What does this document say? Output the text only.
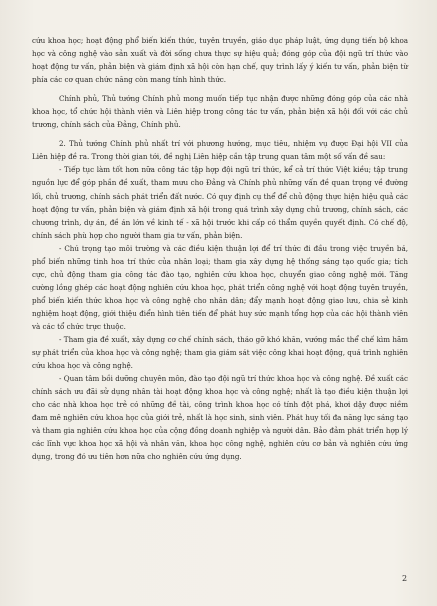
cứu khoa học; hoạt động phổ biến kiến thức, tuyên truyền, giáo dục pháp luật, ứng dụng tiến bộ khoa học và công nghệ vào sản xuất và đời sống chưa thực sự hiệu quả; đóng góp của đội ngũ trí thức vào hoạt động tư vấn, phản biện và giám định xã hội còn hạn chế, quy trình lấy ý kiến tư vấn, phản biện từ phía các cơ quan chức năng còn mang tính hình thức.

Chính phủ, Thủ tướng Chính phủ mong muốn tiếp tục nhận được những đóng góp của các nhà khoa học, tổ chức hội thành viên và Liên hiệp trong công tác tư vấn, phản biện xã hội đối với các chủ trương, chính sách của Đảng, Chính phủ.

2. Thủ tướng Chính phủ nhất trí với phương hướng, mục tiêu, nhiệm vụ được Đại hội VII của Liên hiệp đề ra. Trong thời gian tới, đề nghị Liên hiệp cần tập trung quan tâm một số vấn đề sau:

- Tiếp tục làm tốt hơn nữa công tác tập hợp đội ngũ trí thức, kể cả trí thức Việt kiều; tập trung nguồn lực để góp phần đề xuất, tham mưu cho Đảng và Chính phủ những vấn đề quan trọng về đường lối, chủ trương, chính sách phát triển đất nước. Có quy định cụ thể để chủ động thực hiện hiệu quả các hoạt động tư vấn, phản biện và giám định xã hội trong quá trình xây dựng chủ trương, chính sách, các chương trình, dự án, đề án lớn về kinh tế - xã hội trước khi cấp có thẩm quyền quyết định. Có chế độ, chính sách phù hợp cho người tham gia tư vấn, phản biện.

- Chú trọng tạo môi trường và các điều kiện thuận lợi để trí thức đi đầu trong việc truyền bá, phổ biến những tinh hoa trí thức của nhân loại; tham gia xây dựng hệ thống sáng tạo quốc gia; tích cực, chủ động tham gia công tác đào tạo, nghiên cứu khoa học, chuyển giao công nghệ mới. Tăng cường lồng ghép các hoạt động nghiên cứu khoa học, phát triển công nghệ với hoạt động tuyên truyền, phổ biến kiến thức khoa học và công nghệ cho nhân dân; đẩy mạnh hoạt động giao lưu, chia sẻ kinh nghiệm hoạt động, giới thiệu điển hình tiên tiến để phát huy sức mạnh tổng hợp của các hội thành viên và các tổ chức trực thuộc.

- Tham gia đề xuất, xây dựng cơ chế chính sách, tháo gỡ khó khăn, vướng mắc thể chế kìm hãm sự phát triển của khoa học và công nghệ; tham gia giám sát việc công khai hoạt động, quá trình nghiên cứu khoa học và công nghệ.

- Quan tâm bồi dưỡng chuyên môn, đào tạo đội ngũ trí thức khoa học và công nghệ. Đề xuất các chính sách ưu đãi sử dụng nhân tài hoạt động khoa học và công nghệ; nhất là tạo điều kiện thuận lợi cho các nhà khoa học trẻ có những đề tài, công trình khoa học có tính đột phá, khơi dậy được niềm đam mê nghiên cứu khoa học của giới trẻ, nhất là học sinh, sinh viên. Phát huy tối đa năng lực sáng tạo và tham gia nghiên cứu khoa học của cộng đồng doanh nghiệp và người dân. Bảo đảm phát triển hợp lý các lĩnh vực khoa học xã hội và nhân văn, khoa học công nghệ, nghiên cứu cơ bản và nghiên cứu ứng dụng, trong đó ưu tiên hơn nữa cho nghiên cứu ứng dụng.

2
